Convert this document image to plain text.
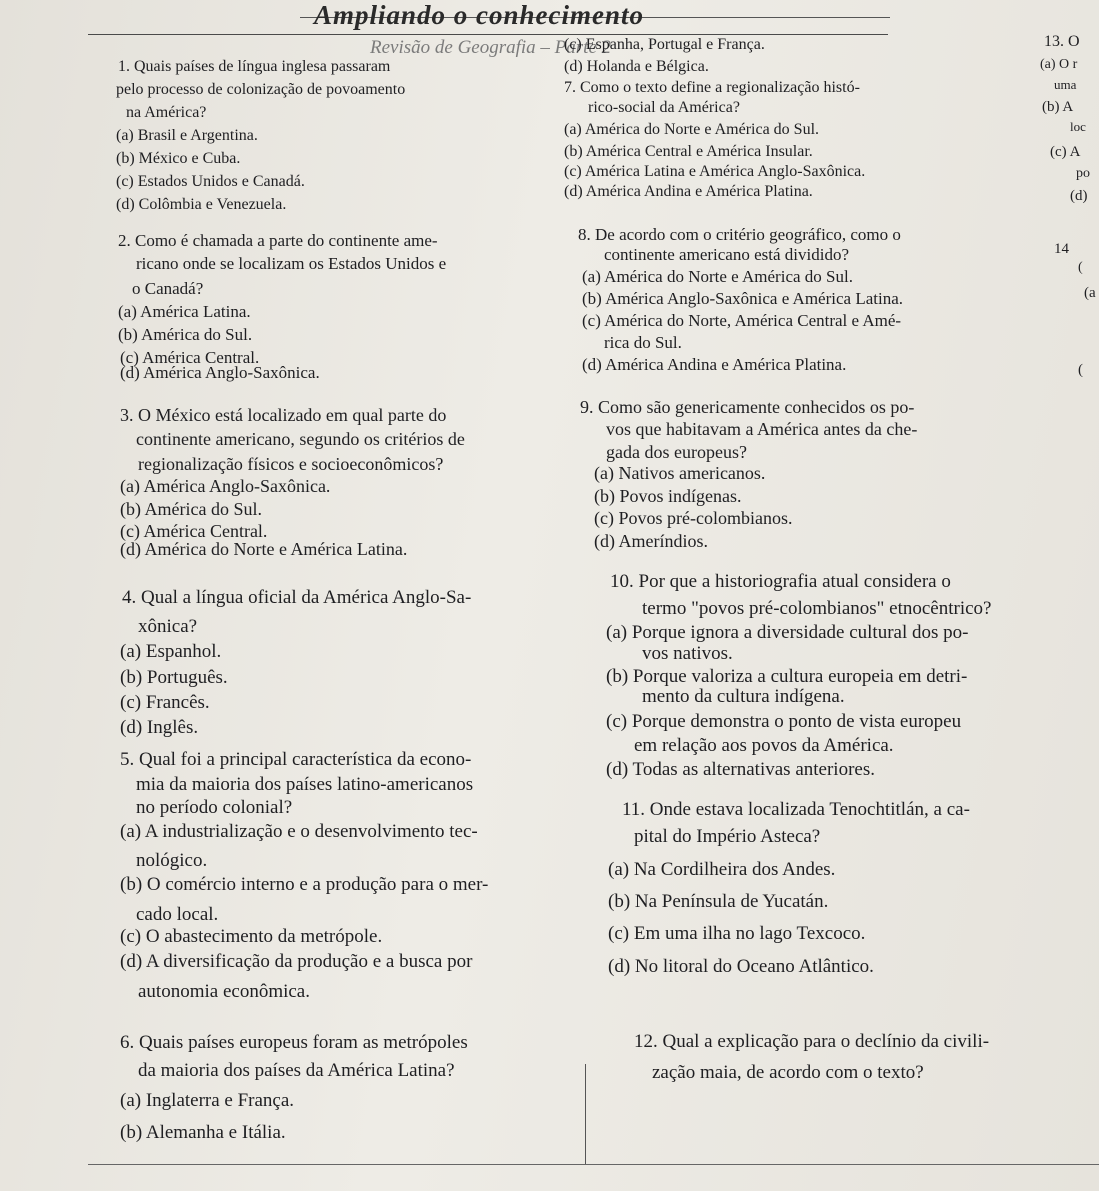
Ampliando o conhecimento
Revisão de Geografia – Parte 2
1. Quais países de língua inglesa passaram
pelo processo de colonização de povoamento
na América?
(a) Brasil e Argentina.
(b) México e Cuba.
(c) Estados Unidos e Canadá.
(d) Colômbia e Venezuela.
2. Como é chamada a parte do continente ame-
ricano onde se localizam os Estados Unidos e
o Canadá?
(a) América Latina.
(b) América do Sul.
(c) América Central.
(d) América Anglo-Saxônica.
3. O México está localizado em qual parte do
continente americano, segundo os critérios de
regionalização físicos e socioeconômicos?
(a) América Anglo-Saxônica.
(b) América do Sul.
(c) América Central.
(d) América do Norte e América Latina.
4. Qual a língua oficial da América Anglo-Sa-
xônica?
(a) Espanhol.
(b) Português.
(c) Francês.
(d) Inglês.
5. Qual foi a principal característica da econo-
mia da maioria dos países latino-americanos
no período colonial?
(a) A industrialização e o desenvolvimento tec-
nológico.
(b) O comércio interno e a produção para o mer-
cado local.
(c) O abastecimento da metrópole.
(d) A diversificação da produção e a busca por
autonomia econômica.
6. Quais países europeus foram as metrópoles
da maioria dos países da América Latina?
(a) Inglaterra e França.
(b) Alemanha e Itália.
(c) Espanha, Portugal e França.
(d) Holanda e Bélgica.
7. Como o texto define a regionalização histó-
rico-social da América?
(a) América do Norte e América do Sul.
(b) América Central e América Insular.
(c) América Latina e América Anglo-Saxônica.
(d) América Andina e América Platina.
8. De acordo com o critério geográfico, como o
continente americano está dividido?
(a) América do Norte e América do Sul.
(b) América Anglo-Saxônica e América Latina.
(c) América do Norte, América Central e Amé-
rica do Sul.
(d) América Andina e América Platina.
9. Como são genericamente conhecidos os po-
vos que habitavam a América antes da che-
gada dos europeus?
(a) Nativos americanos.
(b) Povos indígenas.
(c) Povos pré-colombianos.
(d) Ameríndios.
10. Por que a historiografia atual considera o
termo "povos pré-colombianos" etnocêntrico?
(a) Porque ignora a diversidade cultural dos po-
vos nativos.
(b) Porque valoriza a cultura europeia em detri-
mento da cultura indígena.
(c) Porque demonstra o ponto de vista europeu
em relação aos povos da América.
(d) Todas as alternativas anteriores.
11. Onde estava localizada Tenochtitlán, a ca-
pital do Império Asteca?
(a) Na Cordilheira dos Andes.
(b) Na Península de Yucatán.
(c) Em uma ilha no lago Texcoco.
(d) No litoral do Oceano Atlântico.
12. Qual a explicação para o declínio da civili-
zação maia, de acordo com o texto?
13. O
(a) O r
uma
(b) A
loc
(c) A
po
(d)
14
(
(a
(
